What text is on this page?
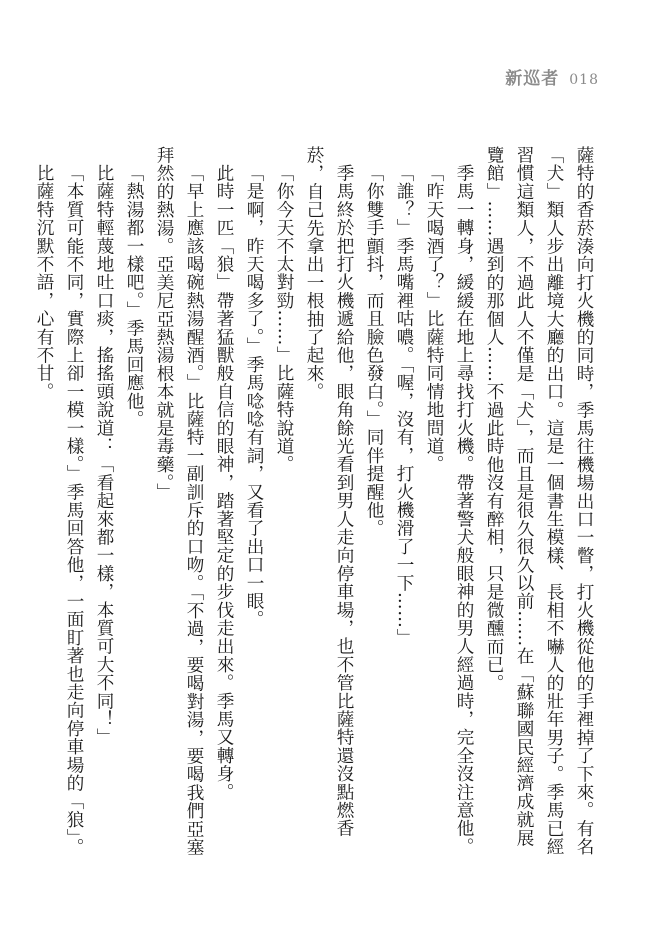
新巡者 018

薩特的香菸湊向打火機的同時，季馬往機場出口一瞥，打火機從他的手裡掉了下來。有名「犬」類人步出離境大廳的出口。這是一個書生模樣、長相不嚇人的壯年男子。季馬已經習慣這類人，不過此人不僅是「犬」，而且是很久很久以前……在「蘇聯國民經濟成就展覽館」……遇到的那個人……不過此時他沒有醉相，只是微醺而已。

季馬一轉身，緩緩在地上尋找打火機。帶著警犬般眼神的男人經過時，完全沒注意他。

「昨天喝酒了？」比薩特同情地問道。

「誰？」季馬嘴裡咕噥。「喔，沒有，打火機滑了一下……」

「你雙手顫抖，而且臉色發白。」同伴提醒他。

季馬終於把打火機遞給他，眼角餘光看到男人走向停車場，也不管比薩特還沒點燃香菸，自己先拿出一根抽了起來。

「你今天不太對勁……」比薩特說道。

「是啊，昨天喝多了。」季馬唸唸有詞，又看了出口一眼。

此時一匹「狼」帶著猛獸般自信的眼神，踏著堅定的步伐走出來。季馬又轉身。

「早上應該喝碗熱湯醒酒。」比薩特一副訓斥的口吻。「不過，要喝對湯，要喝我們亞塞拜然的熱湯。亞美尼亞熱湯根本就是毒藥。」

「熱湯都一樣吧。」季馬回應他。

比薩特輕蔑地吐口痰，搖搖頭說道：「看起來都一樣，本質可大不同！」

「本質可能不同，實際上卻一模一樣。」季馬回答他，一面盯著也走向停車場的「狼」。

比薩特沉默不語，心有不甘。
